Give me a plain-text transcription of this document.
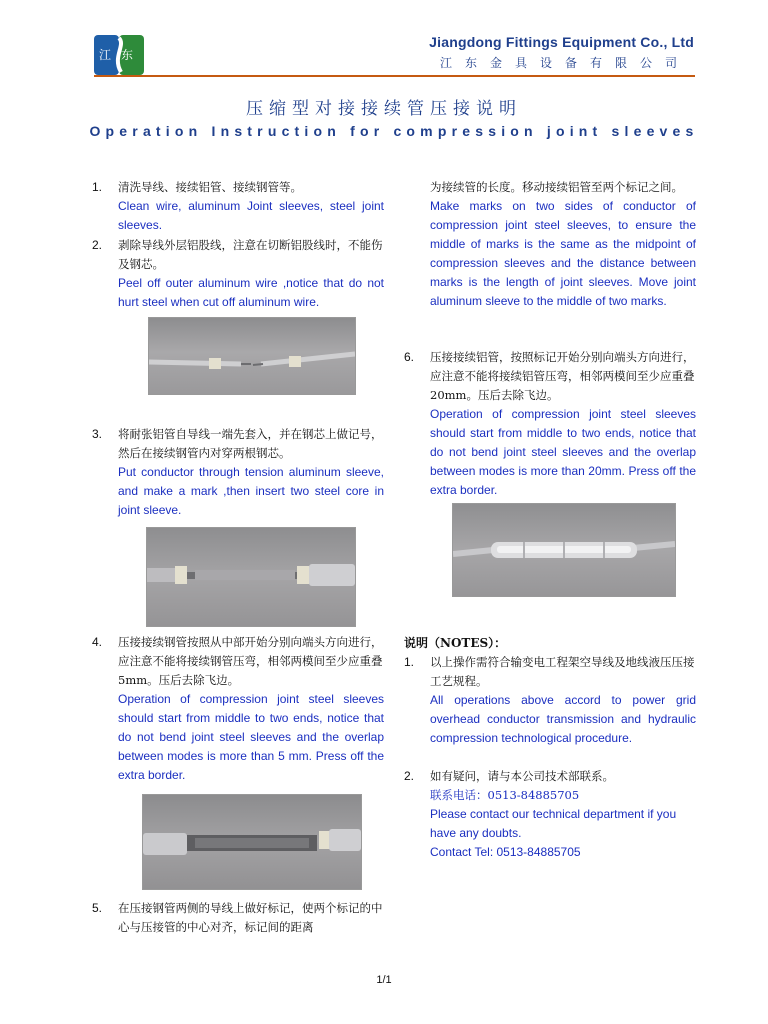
江东
Jiangdong Fittings Equipment Co., Ltd
江东金具设备有限公司
压缩型对接接续管压接说明
Operation Instruction for compression joint sleeves
1. 清洗导线、接续铝管、接续钢管等。
Clean wire, aluminum Joint sleeves, steel joint sleeves.
2. 剥除导线外层铝股线，注意在切断铝股线时，不能伤及钢芯。
Peel off outer aluminum wire ,notice that do not hurt steel when cut off aluminum wire.
3. 将耐张铝管自导线一端先套入，并在钢芯上做记号，然后在接续钢管内对穿两根钢芯。
Put conductor through tension aluminum sleeve, and make a mark ,then insert two steel core in joint sleeve.
4. 压接接续钢管按照从中部开始分别向端头方向进行，应注意不能将接续钢管压弯，相邻两模间至少应重叠 5mm。压后去除飞边。
Operation of compression joint steel sleeves should start from middle to two ends, notice that do not bend joint steel sleeves and the overlap between modes is more than 5 mm. Press off the extra border.
5. 在压接钢管两侧的导线上做好标记，使两个标记的中心与压接管的中心对齐，标记间的距离
为接续管的长度。移动接续铝管至两个标记之间。
Make marks on two sides of conductor of compression joint steel sleeves, to ensure the middle of marks is the same as the midpoint of compression sleeves and the distance between marks is the length of joint sleeves. Move joint aluminum sleeve to the middle of two marks.
6. 压接接续铝管，按照标记开始分别向端头方向进行，应注意不能将接续铝管压弯，相邻两模间至少应重叠 20mm。压后去除飞边。
Operation of compression joint steel sleeves should start from middle to two ends, notice that do not bend joint steel sleeves and the overlap between modes is more than 20mm. Press off the extra border.
说明（NOTES）：
1. 以上操作需符合输变电工程架空导线及地线液压压接工艺规程。
All operations above accord to power grid overhead conductor transmission and hydraulic compression technological procedure.
2. 如有疑问，请与本公司技术部联系。
联系电话：0513-84885705
Please contact our technical department if you have any doubts.
Contact Tel: 0513-84885705
1/1
